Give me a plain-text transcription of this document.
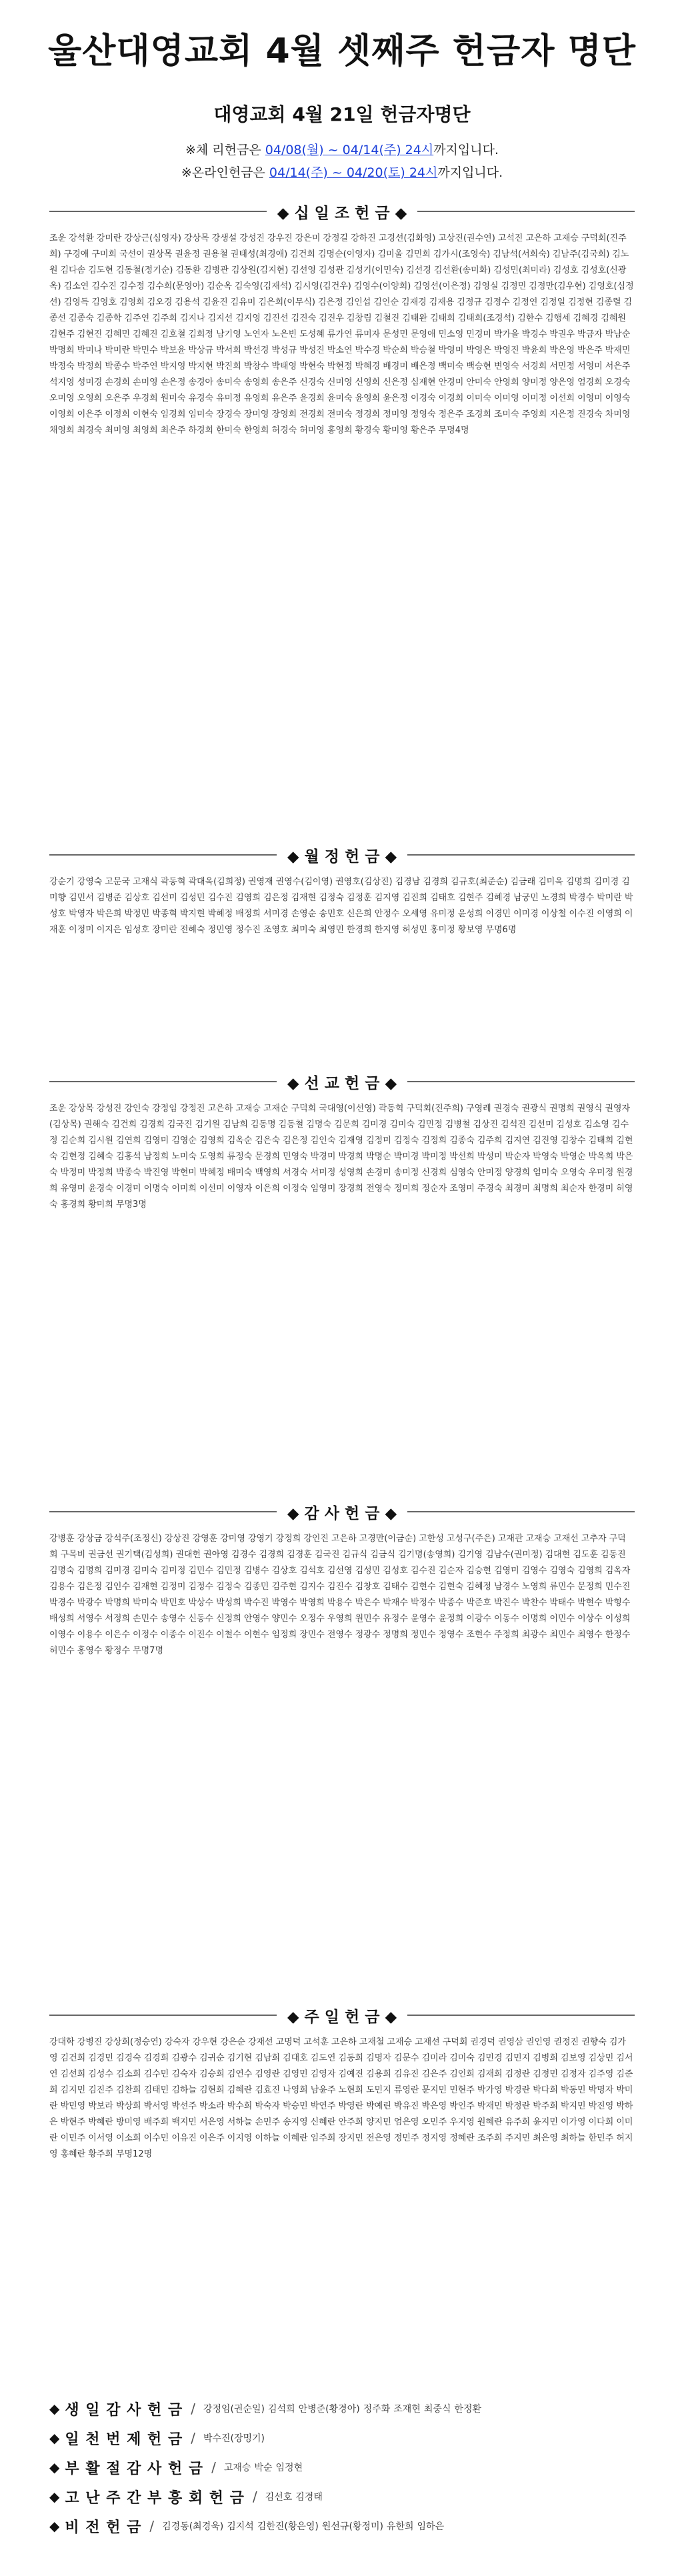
울산대영교회 4월 셋째주 헌금자 명단
대영교회 4월 21일 헌금자명단
※체 리헌금은 04/08(월) ~ 04/14(주) 24시까지입니다.
※온라인헌금은 04/14(주) ~ 04/20(토) 24시까지입니다.
◆ 십 일 조 헌 금 ◆
조운 강석환 강미란 강상근(심영자) 강상목 강생설 강성진 강우진 강은미 강정길 강하진 고경선(김화영) 고상진(권수연) 고석진 고은하 고재승 구덕회(진주희) 구경애 구미희 국선이 권상목 권윤정 권용철 권태성(최경애) 김건희 김명순(이영자) 김미울 김민희 김가시(조영숙) 김남석(서희숙) 김남주(김국희) 김노원 김다솜 김도현 김동철(정기순) 김동환 김병관 김상원(김지현) 김선영 김성관 김성기(이민숙) 김선경 김선환(송미화) 김성민(최미라) 김성호 김성호(신광옥) 김소연 김수진 김수정 김수희(문영아) 김순옥 김숙영(김재석) 김시영(김건우) 김영수(이양희) 김영선(이은정) 김영실 김정민 김정만(김우현) 김영호(심정선) 김영득 김영호 김영희 김오경 김용석 김윤진 김유미 김은희(이무식) 김은정 김인섭 김인순 김재경 김재용 김정규 김정수 김정연 김정일 김정현 김종렬 김종선 김종숙 김종학 김주연 김주희 김지나 김지선 김지영 김진선 김진숙 김진우 김창림 김철진 김태완 김태희 김태희(조경석) 김한수 김행세 김혜경 김혜원김현주 김현진 김혜민 김혜진 김호철 김희정 남기영 노연자 노은빈 도성혜 류가연 류미자 문성민 문영애 민소영 민경미 박가을 박경수 박권우 박금자 박남순박명희 박미나 박미란 박민수 박보윤 박상규 박서희 박선경 박성규 박성진 박소연 박수경 박순희 박승철 박영미 박영은 박영진 박윤희 박은영 박은주 박재민박정숙 박정희 박종수 박주연 박지영 박지현 박진희 박창수 박태영 박현숙 박현정 박혜경 배경미 배은정 백미숙 백승현 변영숙 서경희 서민정 서영미 서은주석지영 성미경 손경희 손미영 손은정 송경아 송미숙 송영희 송은주 신경숙 신미영 신영희 신은정 심재현 안경미 안미숙 안영희 양미정 양은영 엄경희 오경숙오미영 오영희 오은주 우경희 원미숙 유경숙 유미정 유영희 유은주 윤경희 윤미숙 윤영희 윤은정 이경숙 이경희 이미숙 이미영 이미정 이선희 이영미 이영숙이영희 이은주 이정희 이현숙 임경희 임미숙 장경숙 장미영 장영희 전경희 전미숙 정경희 정미영 정영숙 정은주 조경희 조미숙 주영희 지은정 진경숙 차미영채영희 최경숙 최미영 최영희 최은주 하경희 한미숙 한영희 허경숙 허미영 홍영희 황경숙 황미영 황은주 무명4명
◆ 월 정 헌 금 ◆
강순기 강영숙 고문국 고재식 곽동혁 곽대옥(김희정) 권영재 권영수(김이영) 권영호(김상진) 김경남 김경희 김규호(최준순) 김금래 김미옥 김명희 김미경 김미향 김민서 김병준 김상호 김선미 김성민 김수진 김영희 김은정 김재현 김정숙 김정훈 김지영 김진희 김태호 김현주 김혜경 남궁민 노경희 박경수 박미란 박성호 박영자 박은희 박정민 박종혁 박지현 박혜정 배정희 서미경 손영순 송민호 신은희 안정수 오세영 유미정 윤성희 이경민 이미경 이상철 이수진 이영희 이재훈 이정미 이지은 임성호 장미란 전혜숙 정민영 정수진 조영호 최미숙 최영민 한경희 한지영 허성민 홍미정 황보영 무명6명
◆ 선 교 헌 금 ◆
조운 강상목 강성진 강인숙 강정임 강정진 고은하 고재승 고재순 구덕회 국대영(이선영) 곽동혁 구덕회(진주희) 구영례 권경숙 권광식 권명희 권영식 권영자(김상목) 권해숙 김건희 김경희 김국진 김기원 김남희 김동명 김동철 김명숙 김문희 김미경 김미숙 김민정 김병철 김상진 김석진 김선미 김성호 김소영 김수정 김순희 김시원 김연희 김영미 김영순 김영희 김옥순 김은숙 김은정 김인숙 김재영 김정미 김정숙 김정희 김종숙 김주희 김지연 김진영 김창수 김태희 김현숙 김현정 김혜숙 김홍석 남정희 노미숙 도영희 류정숙 문경희 민영숙 박경미 박경희 박명순 박미경 박미정 박선희 박성미 박순자 박영숙 박영순 박옥희 박은숙 박정미 박정희 박종숙 박진영 박현미 박혜정 배미숙 백영희 서경숙 서미정 성영희 손경미 송미정 신경희 심영숙 안미정 양경희 엄미숙 오영숙 우미정 원경희 유영미 윤경숙 이경미 이명숙 이미희 이선미 이영자 이은희 이정숙 임영미 장경희 전영숙 정미희 정순자 조영미 주경숙 최경미 최명희 최순자 한경미 허영숙 홍경희 황미희 무명3명
◆ 감 사 헌 금 ◆
강병훈 강상금 강석주(조정신) 강상진 강영훈 강미영 강영기 강정희 강인진 고은하 고경만(이금순) 고한성 고성구(주은) 고재관 고재승 고재선 고추자 구덕회 구목비 권금선 권기택(김성희) 권대헌 권아영 김경수 김경희 김경훈 김국진 김규식 김금식 김기명(송영희) 김기영 김남수(권미정) 김대현 김도훈 김동진김명숙 김명희 김미경 김미숙 김미정 김민수 김민정 김병수 김상호 김석호 김선영 김성민 김성호 김수진 김순자 김승현 김영미 김영수 김영숙 김영희 김옥자김용수 김은정 김인수 김재현 김정미 김정수 김정숙 김종민 김주현 김지수 김진수 김창호 김태수 김현수 김현숙 김혜정 남경수 노영희 류민수 문정희 민수진박경수 박광수 박명희 박미숙 박민호 박상수 박성희 박수진 박영수 박영희 박용수 박은수 박재수 박정수 박종수 박준호 박진수 박찬수 박태수 박현수 박형수배성희 서영수 서정희 손민수 송영수 신동수 신정희 안영수 양민수 오정수 우영희 원민수 유정수 윤영수 윤정희 이광수 이동수 이명희 이민수 이상수 이성희이영수 이용수 이은수 이정수 이종수 이진수 이철수 이현수 임정희 장민수 전영수 정광수 정명희 정민수 정영수 조현수 주정희 최광수 최민수 최영수 한정수허민수 홍영수 황정수 무명7명
◆ 주 일 헌 금 ◆
강대학 강병진 강상희(정승연) 강숙자 강우현 강은순 강재선 고명덕 고석훈 고은하 고재철 고재승 고재선 구덕회 권경덕 권영삼 권인영 권정진 권향숙 김가영 김건희 김경민 김경숙 김경희 김광수 김귀순 김기현 김남희 김대호 김도연 김동희 김명자 김문수 김미라 김미숙 김민경 김민지 김병희 김보영 김상민 김서연 김선희 김성수 김소희 김수민 김숙자 김승희 김연수 김영란 김영민 김영자 김예진 김용희 김유진 김은주 김인희 김재희 김정란 김정민 김정자 김주영 김준희 김지민 김진주 김찬희 김태민 김하늘 김현희 김혜란 김효진 나영희 남윤주 노현희 도민지 류영란 문지민 민현주 박가영 박경란 박다희 박동민 박명자 박미란 박민영 박보라 박상희 박서영 박선주 박소라 박수희 박숙자 박승민 박연주 박영란 박예린 박유진 박은영 박인주 박재민 박정란 박주희 박지민 박진영 박하은 박현주 박혜란 방미영 배주희 백지민 서은영 서하늘 손민주 송지영 신혜란 안주희 양지민 엄은영 오민주 우지영 원혜란 유주희 윤지민 이가영 이다희 이미란 이민주 이서영 이소희 이수민 이유진 이은주 이지영 이하늘 이혜란 임주희 장지민 전은영 정민주 정지영 정혜란 조주희 주지민 최은영 최하늘 한민주 허지영 홍혜란 황주희 무명12명
◆ 생 일 감 사 헌 금 / 강정임(권순일) 김석희 안병준(황경아) 정주화 조재현 최중식 한정환
◆ 일 천 번 제 헌 금 / 박수진(장명기)
◆ 부 활 절 감 사 헌 금 / 고재승 박순 임정현
◆ 고 난 주 간 부 흥 회 헌 금 / 김선호 김경태
◆ 비 전 헌 금 / 김경동(최경욱) 김지석 김한진(황은영) 원선규(황정미) 유한희 임하은
